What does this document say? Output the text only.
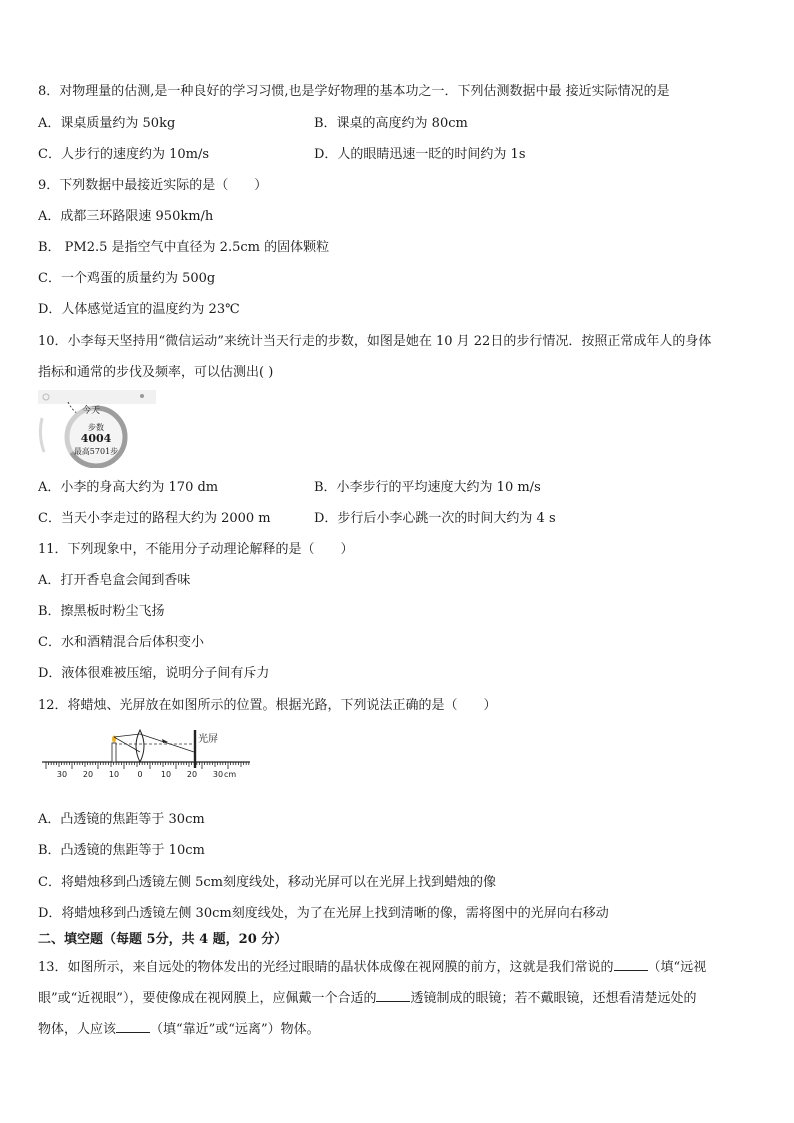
8．对物理量的估测,是一种良好的学习习惯,也是学好物理的基本功之一．下列估测数据中最 接近实际情况的是
A．课桌质量约为 50kg	B．课桌的高度约为 80cm
C．人步行的速度约为 10m/s	D．人的眼睛迅速一眨的时间约为 1s
9．下列数据中最接近实际的是（　　）
A．成都三环路限速 950km/h
B． PM2.5 是指空气中直径为 2.5cm 的固体颗粒
C．一个鸡蛋的质量约为 500g
D．人体感觉适宜的温度约为 23℃
10．小李每天坚持用“微信运动”来统计当天行走的步数，如图是她在 10 月 22日的步行情况．按照正常成年人的身体
指标和通常的步伐及频率，可以估测出( )
今天
步数
4004
最高5701步
A．小李的身高大约为 170 dm	B．小李步行的平均速度大约为 10 m/s
C．当天小李走过的路程大约为 2000 m	D．步行后小李心跳一次的时间大约为 4 s
11．下列现象中，不能用分子动理论解释的是（　　）
A．打开香皂盒会闻到香味
B．擦黑板时粉尘飞扬
C．水和酒精混合后体积变小
D．液体很难被压缩，说明分子间有斥力
12．将蜡烛、光屏放在如图所示的位置。根据光路，下列说法正确的是（　　）
光屏
30 20 10 0 10 20 30 cm
A．凸透镜的焦距等于 30cm
B．凸透镜的焦距等于 10cm
C．将蜡烛移到凸透镜左侧 5cm刻度线处，移动光屏可以在光屏上找到蜡烛的像
D．将蜡烛移到凸透镜左侧 30cm刻度线处，为了在光屏上找到清晰的像，需将图中的光屏向右移动
二、填空题（每题 5分，共 4 题，20 分）
13．如图所示，来自远处的物体发出的光经过眼睛的晶状体成像在视网膜的前方，这就是我们常说的	（填“远视
眼”或“近视眼”），要使像成在视网膜上，应佩戴一个合适的	透镜制成的眼镜；若不戴眼镜，还想看清楚远处的
物体，人应该	（填“靠近”或“远离”）物体。
